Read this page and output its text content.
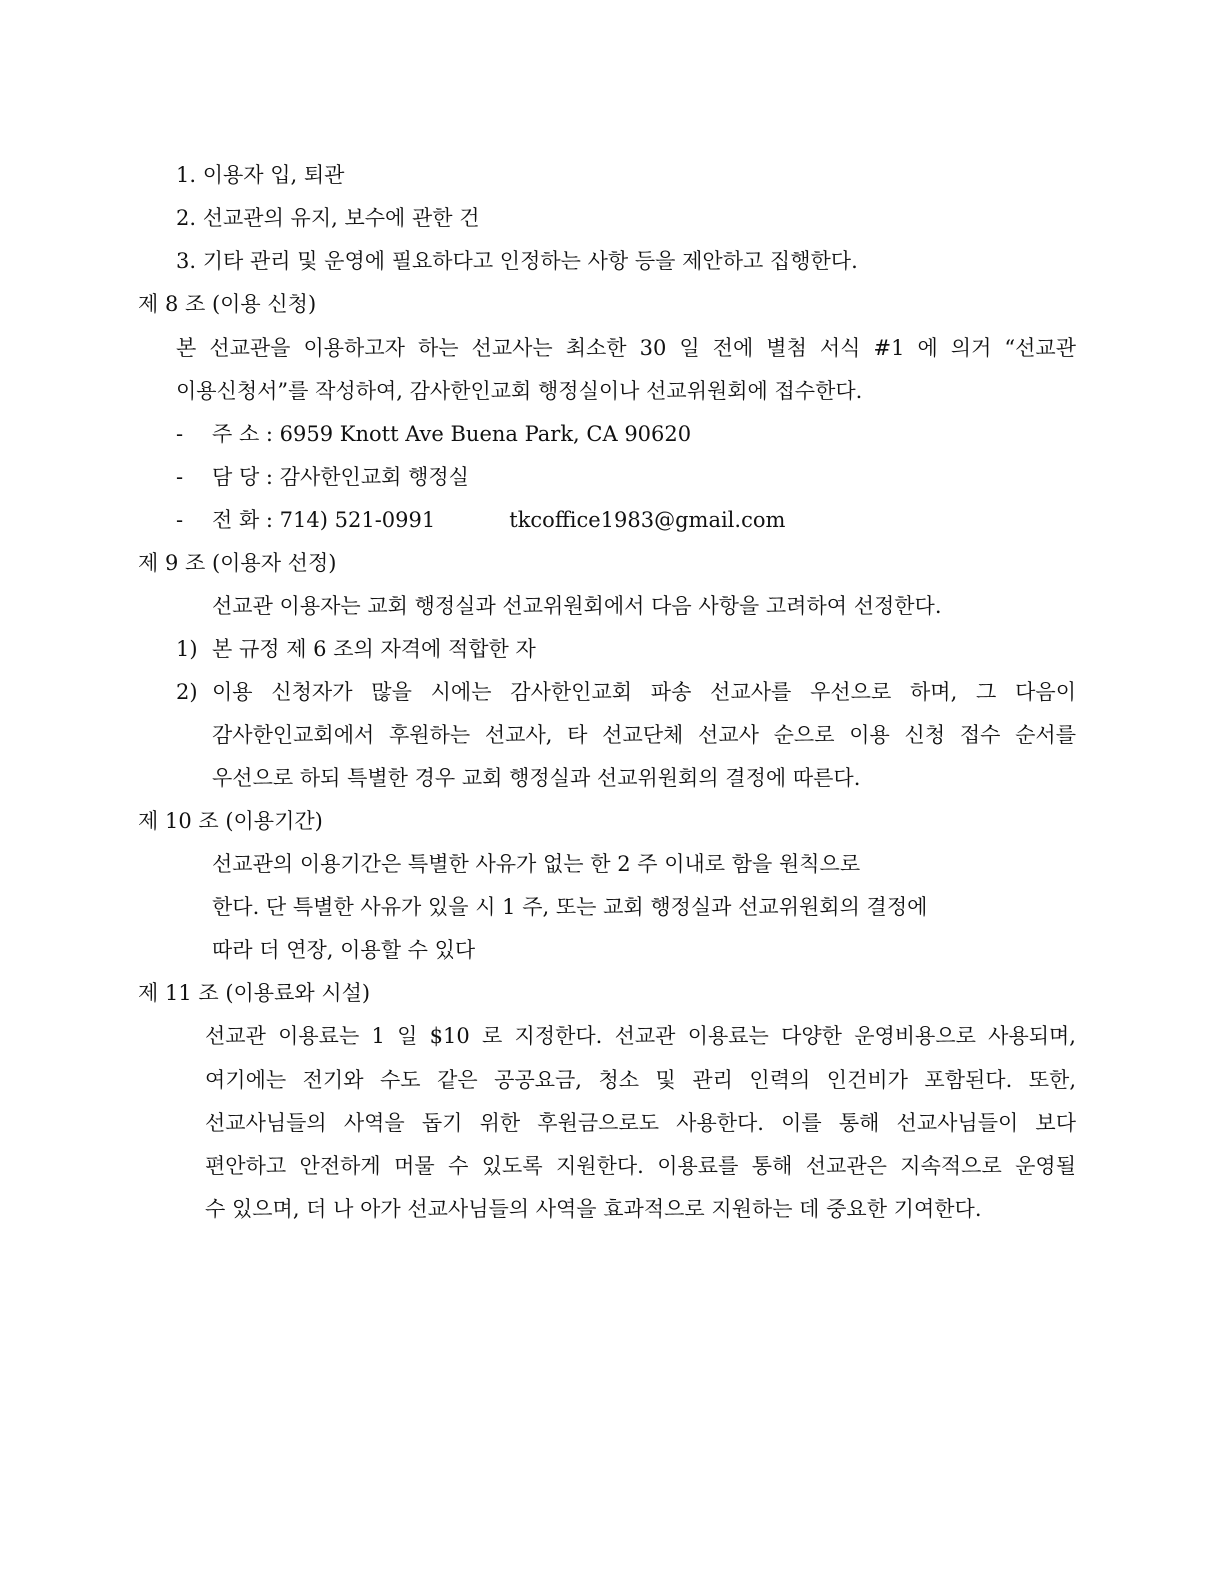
1. 이용자 입, 퇴관
2. 선교관의 유지, 보수에 관한 건
3. 기타 관리 및 운영에 필요하다고 인정하는 사항 등을 제안하고 집행한다.
제 8 조 (이용 신청)
본 선교관을 이용하고자 하는 선교사는 최소한 30 일 전에 별첨 서식 #1 에 의거 “선교관
이용신청서”를 작성하여, 감사한인교회 행정실이나 선교위원회에 접수한다.
- 주 소 : 6959 Knott Ave Buena Park, CA 90620
- 담 당 : 감사한인교회 행정실
- 전 화 : 714) 521-0991	tkcoffice1983@gmail.com
제 9 조 (이용자 선정)
선교관 이용자는 교회 행정실과 선교위원회에서 다음 사항을 고려하여 선정한다.
1) 본 규정 제 6 조의 자격에 적합한 자
2) 이용 신청자가 많을 시에는 감사한인교회 파송 선교사를 우선으로 하며, 그 다음이
감사한인교회에서 후원하는 선교사, 타 선교단체 선교사 순으로 이용 신청 접수 순서를
우선으로 하되 특별한 경우 교회 행정실과 선교위원회의 결정에 따른다.
제 10 조 (이용기간)
선교관의 이용기간은 특별한 사유가 없는 한 2 주 이내로 함을 원칙으로
한다. 단 특별한 사유가 있을 시 1 주, 또는 교회 행정실과 선교위원회의 결정에
따라 더 연장, 이용할 수 있다
제 11 조 (이용료와 시설)
선교관 이용료는 1 일 $10 로 지정한다. 선교관 이용료는 다양한 운영비용으로 사용되며,
여기에는 전기와 수도 같은 공공요금, 청소 및 관리 인력의 인건비가 포함된다. 또한,
선교사님들의 사역을 돕기 위한 후원금으로도 사용한다. 이를 통해 선교사님들이 보다
편안하고 안전하게 머물 수 있도록 지원한다. 이용료를 통해 선교관은 지속적으로 운영될
수 있으며, 더 나 아가 선교사님들의 사역을 효과적으로 지원하는 데 중요한 기여한다.
